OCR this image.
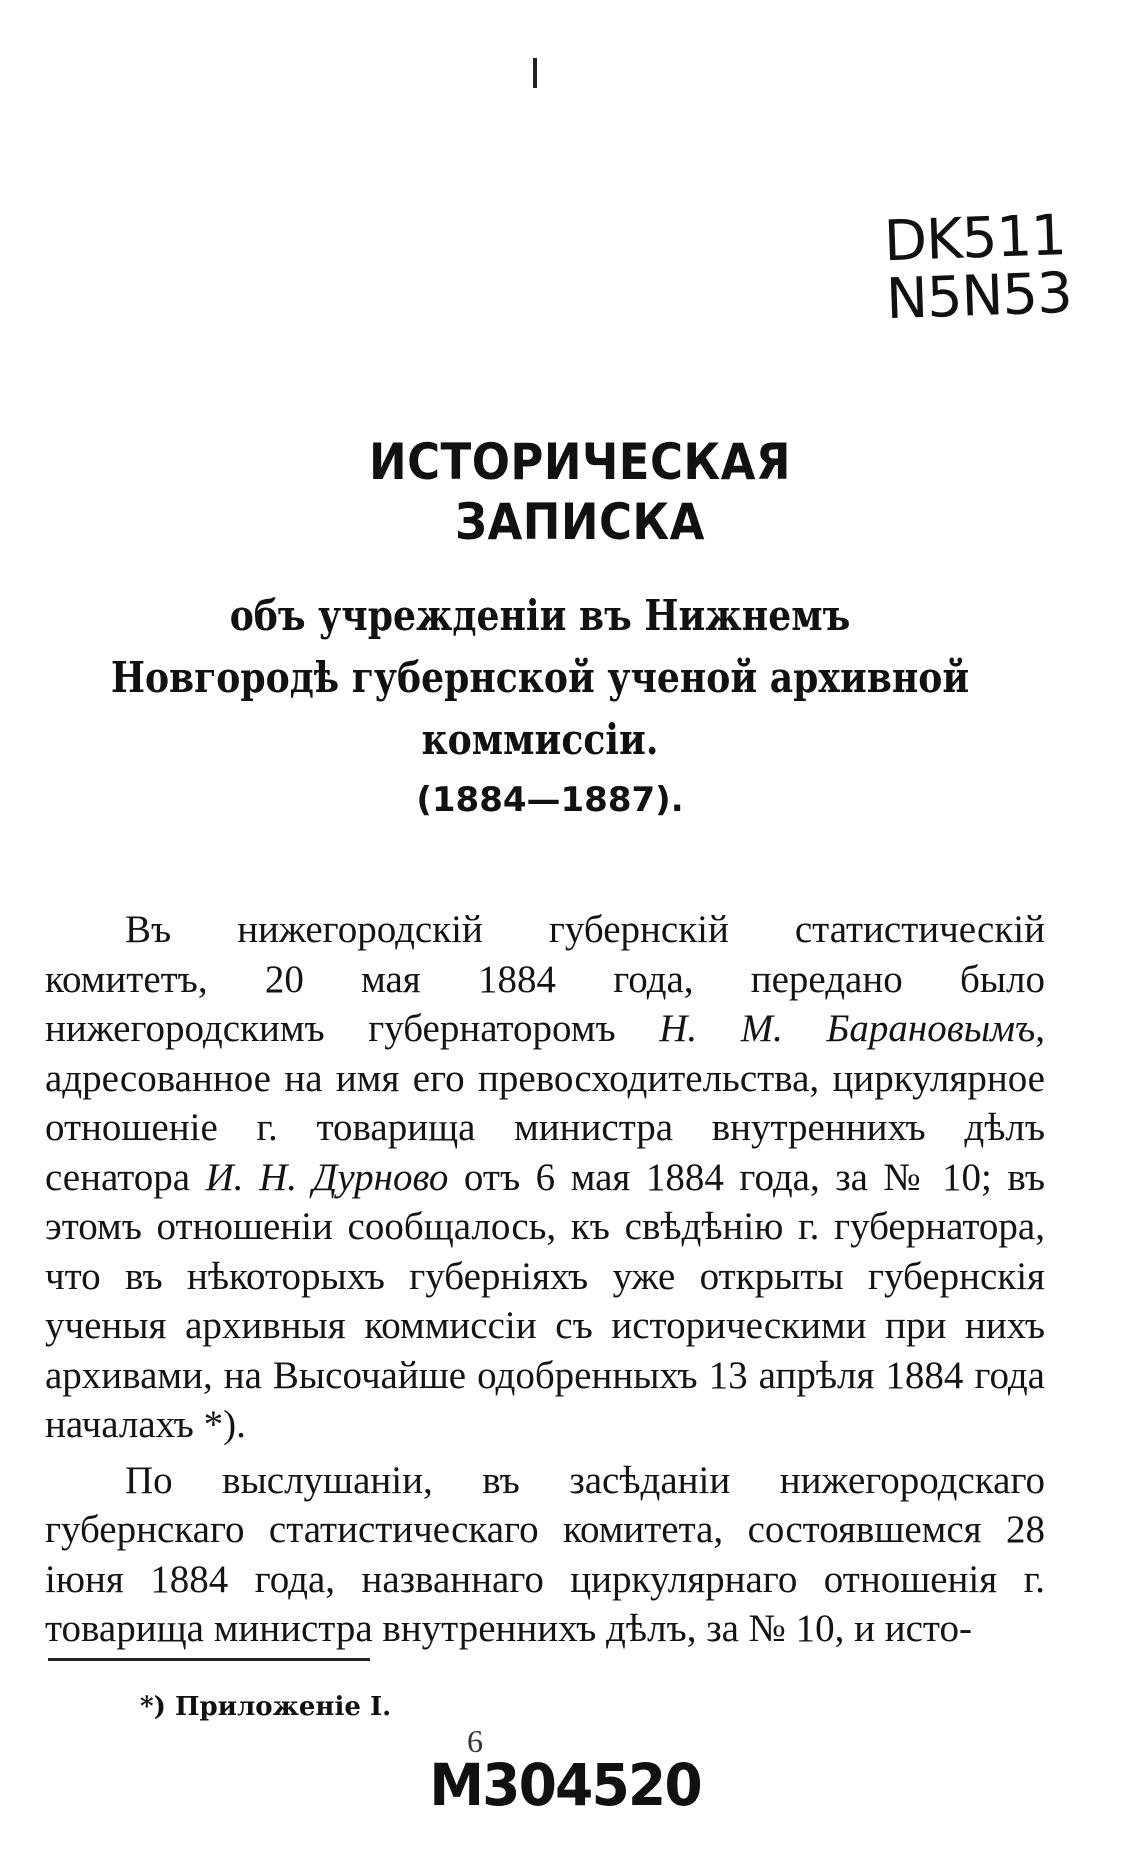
DK511
N5N53
ИСТОРИЧЕСКАЯ ЗАПИСКА
объ учрежденіи въ Нижнемъ Новгородѣ губернской ученой архивной коммиссіи.
(1884—1887).

Въ нижегородскій губернскій статистическій комитетъ, 20 мая 1884 года, передано было нижегородскимъ губернаторомъ Н. М. Барановымъ, адресованное на имя его превосходительства, циркулярное отношеніе г. товарища министра внутреннихъ дѣлъ сенатора И. Н. Дурново отъ 6 мая 1884 года, за № 10; въ этомъ отношеніи сообщалось, къ свѣдѣнію г. губернатора, что въ нѣкоторыхъ губерніяхъ уже открыты губернскія ученыя архивныя коммиссіи съ историческими при нихъ архивами, на Высочайше одобренныхъ 13 апрѣля 1884 года началахъ *).

По выслушаніи, въ засѣданіи нижегородскаго губернскаго статистическаго комитета, состоявшемся 28 іюня 1884 года, названнаго циркулярнаго отношенія г. товарища министра внутреннихъ дѣлъ, за № 10, и исто-

*) Приложеніе I.
6
M304520
